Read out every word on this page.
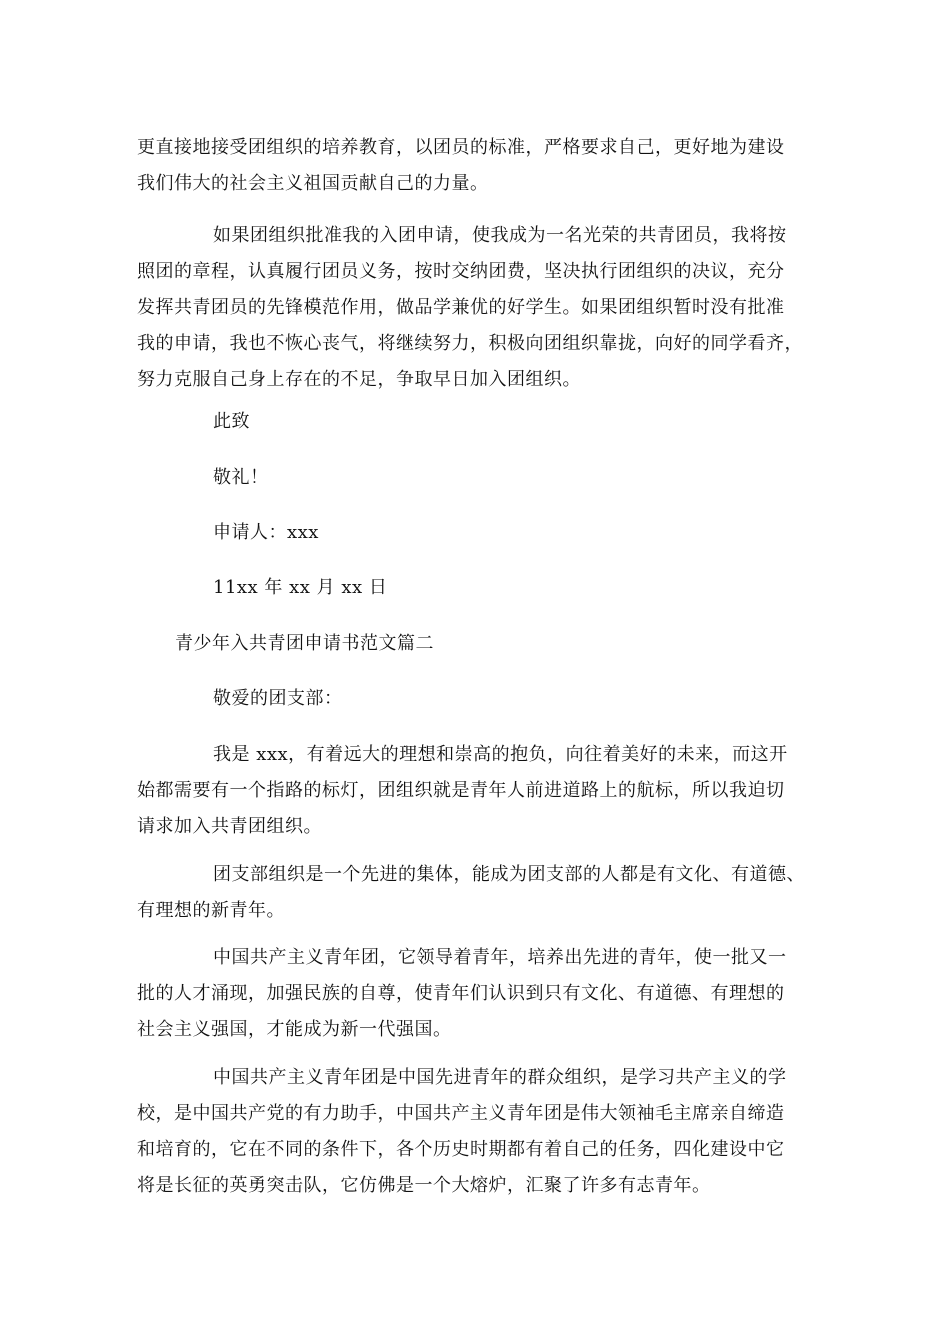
更直接地接受团组织的培养教育，以团员的标准，严格要求自己，更好地为建设
我们伟大的社会主义祖国贡献自己的力量。
如果团组织批准我的入团申请，使我成为一名光荣的共青团员，我将按
照团的章程，认真履行团员义务，按时交纳团费，坚决执行团组织的决议，充分
发挥共青团员的先锋模范作用，做品学兼优的好学生。如果团组织暂时没有批准
我的申请，我也不恢心丧气，将继续努力，积极向团组织靠拢，向好的同学看齐，
努力克服自己身上存在的不足，争取早日加入团组织。
此致
敬礼！
申请人：xxx
11xx 年 xx 月 xx 日
青少年入共青团申请书范文篇二
敬爱的团支部：
我是 xxx，有着远大的理想和崇高的抱负，向往着美好的未来，而这开
始都需要有一个指路的标灯，团组织就是青年人前进道路上的航标，所以我迫切
请求加入共青团组织。
团支部组织是一个先进的集体，能成为团支部的人都是有文化、有道德、
有理想的新青年。
中国共产主义青年团，它领导着青年，培养出先进的青年，使一批又一
批的人才涌现，加强民族的自尊，使青年们认识到只有文化、有道德、有理想的
社会主义强国，才能成为新一代强国。
中国共产主义青年团是中国先进青年的群众组织，是学习共产主义的学
校，是中国共产党的有力助手，中国共产主义青年团是伟大领袖毛主席亲自缔造
和培育的，它在不同的条件下，各个历史时期都有着自己的任务，四化建设中它
将是长征的英勇突击队，它仿佛是一个大熔炉，汇聚了许多有志青年。
